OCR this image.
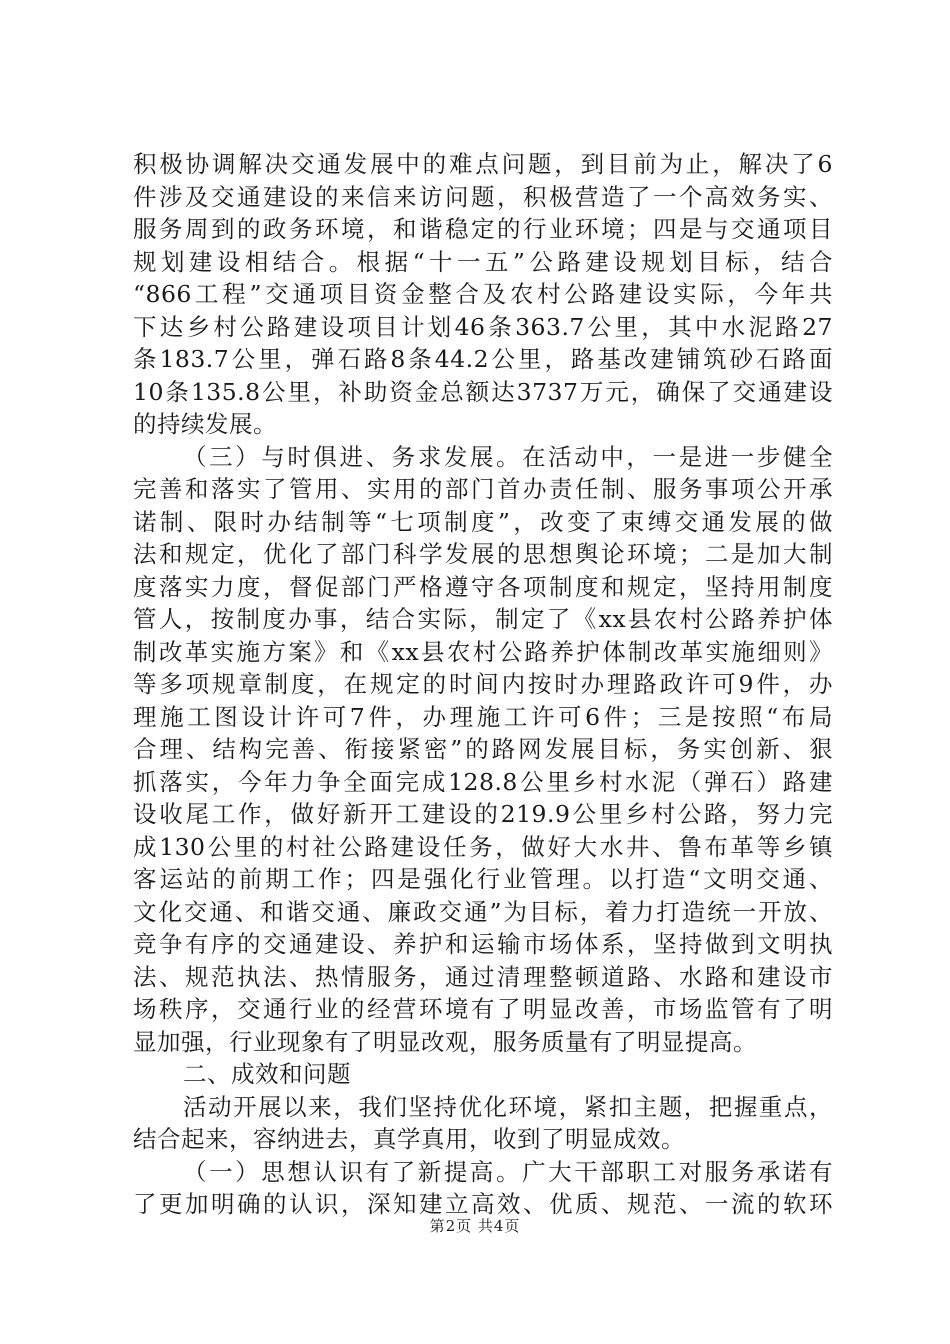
积极协调解决交通发展中的难点问题，到目前为止，解决了6
件涉及交通建设的来信来访问题，积极营造了一个高效务实、
服务周到的政务环境，和谐稳定的行业环境；四是与交通项目
规划建设相结合。根据“十一五”公路建设规划目标，结合
“866工程”交通项目资金整合及农村公路建设实际，今年共
下达乡村公路建设项目计划46条363.7公里，其中水泥路27
条183.7公里，弹石路8条44.2公里，路基改建铺筑砂石路面
10条135.8公里，补助资金总额达3737万元，确保了交通建设
的持续发展。
（三）与时俱进、务求发展。在活动中，一是进一步健全
完善和落实了管用、实用的部门首办责任制、服务事项公开承
诺制、限时办结制等“七项制度”，改变了束缚交通发展的做
法和规定，优化了部门科学发展的思想舆论环境；二是加大制
度落实力度，督促部门严格遵守各项制度和规定，坚持用制度
管人，按制度办事，结合实际，制定了《xx县农村公路养护体
制改革实施方案》和《xx县农村公路养护体制改革实施细则》
等多项规章制度，在规定的时间内按时办理路政许可9件，办
理施工图设计许可7件，办理施工许可6件；三是按照“布局
合理、结构完善、衔接紧密”的路网发展目标，务实创新、狠
抓落实，今年力争全面完成128.8公里乡村水泥（弹石）路建
设收尾工作，做好新开工建设的219.9公里乡村公路，努力完
成130公里的村社公路建设任务，做好大水井、鲁布革等乡镇
客运站的前期工作；四是强化行业管理。以打造“文明交通、
文化交通、和谐交通、廉政交通”为目标，着力打造统一开放、
竞争有序的交通建设、养护和运输市场体系，坚持做到文明执
法、规范执法、热情服务，通过清理整顿道路、水路和建设市
场秩序，交通行业的经营环境有了明显改善，市场监管有了明
显加强，行业现象有了明显改观，服务质量有了明显提高。
二、成效和问题
活动开展以来，我们坚持优化环境，紧扣主题，把握重点，
结合起来，容纳进去，真学真用，收到了明显成效。
（一）思想认识有了新提高。广大干部职工对服务承诺有
了更加明确的认识，深知建立高效、优质、规范、一流的软环
第2页 共4页
